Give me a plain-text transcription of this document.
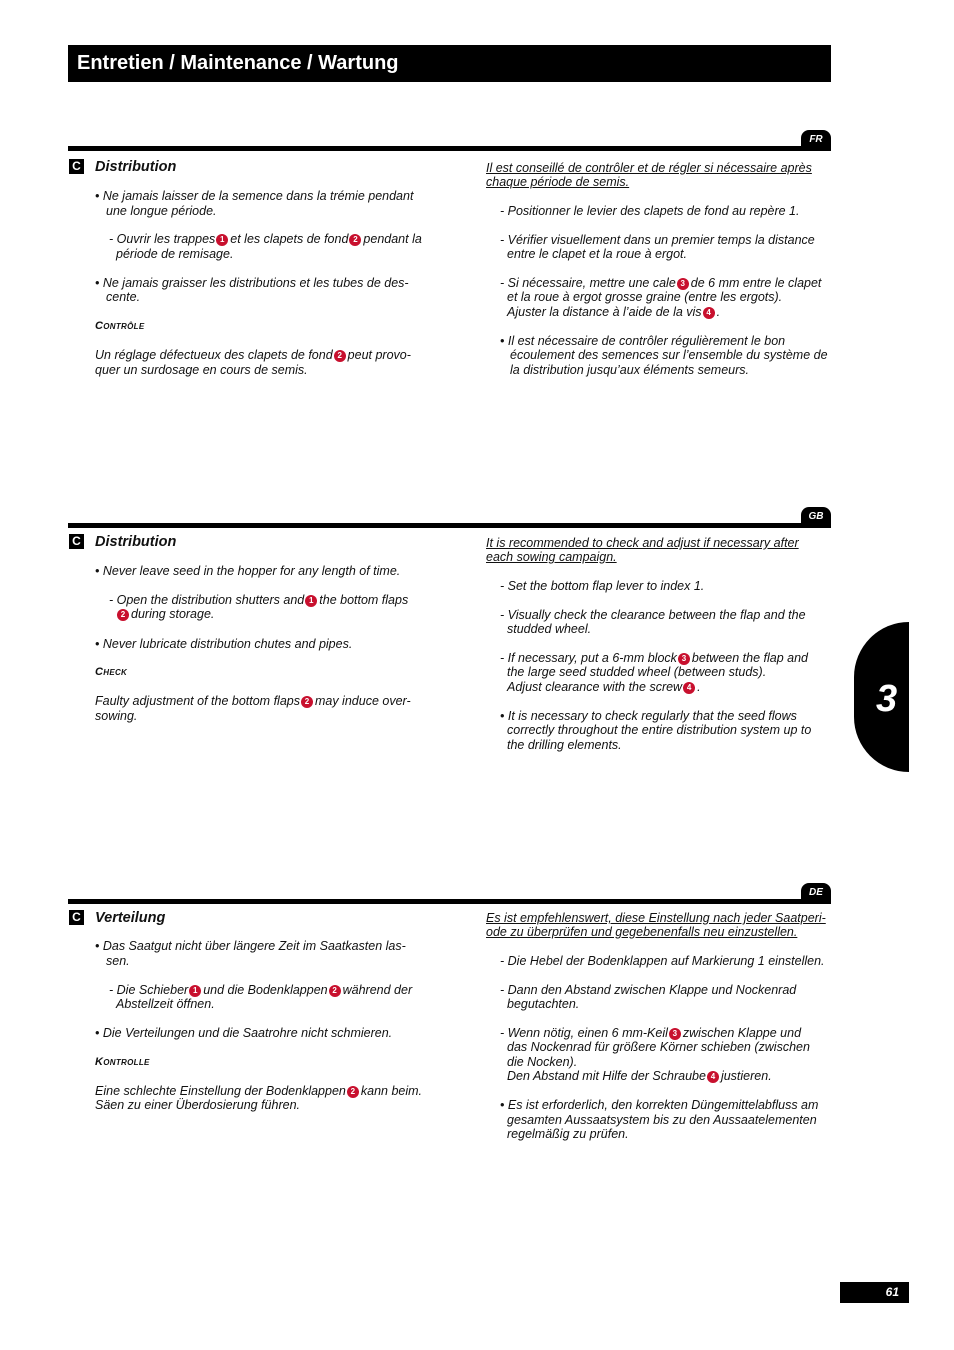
Entretien / Maintenance / Wartung
FR
C Distribution
• Ne jamais laisser de la semence dans la trémie pendant
une longue période.
- Ouvrir les trappes 1 et les clapets de fond 2 pendant la
période de remisage.
• Ne jamais graisser les distributions et les tubes de des-
cente.
Contrôle
Un réglage défectueux des clapets de fond 2 peut provo-
quer un surdosage en cours de semis.
Il est conseillé de contrôler et de régler si nécessaire après
chaque période de semis.
- Positionner le levier des clapets de fond au repère 1.
- Vérifier visuellement dans un premier temps la distance
entre le clapet et la roue à ergot.
- Si nécessaire, mettre une cale 3 de 6 mm entre le clapet
et la roue à ergot grosse graine (entre les ergots).
Ajuster la distance à l’aide de la vis 4 .
• Il est nécessaire de contrôler régulièrement le bon
écoulement des semences sur l’ensemble du système de
la distribution jusqu’aux éléments semeurs.
GB
C Distribution
• Never leave seed in the hopper for any length of time.
- Open the distribution shutters and 1 the bottom flaps
2 during storage.
• Never lubricate distribution chutes and pipes.
Check
Faulty adjustment of the bottom flaps 2 may induce over-
sowing.
It is recommended to check and adjust if necessary after
each sowing campaign.
- Set the bottom flap lever to index 1.
- Visually check the clearance between the flap and the
studded wheel.
- If necessary, put a 6-mm block 3 between the flap and
the large seed studded wheel (between studs).
Adjust clearance with the screw 4 .
• It is necessary to check regularly that the seed flows
correctly throughout the entire distribution system up to
the drilling elements.
DE
C Verteilung
• Das Saatgut nicht über längere Zeit im Saatkasten las-
sen.
- Die Schieber 1 und die Bodenklappen 2 während der
Abstellzeit öffnen.
• Die Verteilungen und die Saatrohre nicht schmieren.
Kontrolle
Eine schlechte Einstellung der Bodenklappen 2 kann beim.
Säen zu einer Überdosierung führen.
Es ist empfehlenswert, diese Einstellung nach jeder Saatperi-
ode zu überprüfen und gegebenenfalls neu einzustellen.
- Die Hebel der Bodenklappen auf Markierung 1 einstellen.
- Dann den Abstand zwischen Klappe und Nockenrad
begutachten.
- Wenn nötig, einen 6 mm-Keil 3 zwischen Klappe und
das Nockenrad für größere Körner schieben (zwischen
die Nocken).
Den Abstand mit Hilfe der Schraube 4 justieren.
• Es ist erforderlich, den korrekten Düngemittelabfluss am
gesamten Aussaatsystem bis zu den Aussaatelementen
regelmäßig zu prüfen.
3
61
